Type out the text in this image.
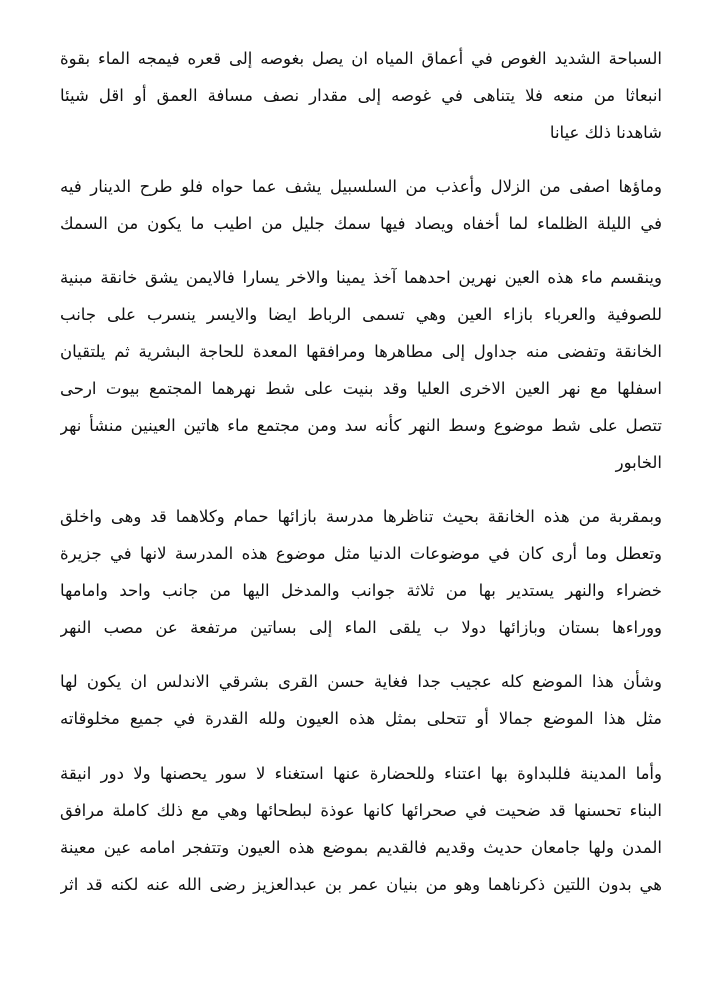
السباحة الشديد الغوص في أعماق المياه ان يصل بغوصه إلى قعره فيمجه الماء بقوة
انبعاثا من منعه فلا يتناهى في غوصه إلى مقدار نصف مسافة العمق أو اقل شيئا
شاهدنا ذلك عيانا
وماؤها اصفى من الزلال وأعذب من السلسبيل يشف عما حواه فلو طرح الدينار فيه
في الليلة الظلماء لما أخفاه ويصاد فيها سمك جليل من اطيب ما يكون من السمك
وينقسم ماء هذه العين نهرين احدهما آخذ يمينا والاخر يسارا فالايمن يشق خانقة مبنية
للصوفية والعرباء بازاء العين وهي تسمى الرباط ايضا والايسر ينسرب على جانب
الخانقة وتفضى منه جداول إلى مطاهرها ومرافقها المعدة للحاجة البشرية ثم يلتقيان
اسفلها مع نهر العين الاخرى العليا وقد بنيت على شط نهرهما المجتمع بيوت ارحى
تتصل على شط موضوع وسط النهر كأنه سد ومن مجتمع ماء هاتين العينين منشأ نهر
الخابور
وبمقربة من هذه الخانقة بحيث تناظرها مدرسة بازائها حمام وكلاهما قد وهى واخلق
وتعطل وما أرى كان في موضوعات الدنيا مثل موضوع هذه المدرسة لانها في جزيرة
خضراء والنهر يستدير بها من ثلاثة جوانب والمدخل اليها من جانب واحد وامامها
ووراءها بستان وبازائها دولا ب يلقى الماء إلى بساتين مرتفعة عن مصب النهر
وشأن هذا الموضع كله عجيب جدا فغاية حسن القرى بشرقي الاندلس ان يكون لها
مثل هذا الموضع جمالا أو تتحلى بمثل هذه العيون ولله القدرة في جميع مخلوقاته
وأما المدينة فللبداوة بها اعتناء وللحضارة عنها استغناء لا سور يحصنها ولا دور انيقة
البناء تحسنها قد ضحيت في صحرائها كانها عوذة لبطحائها وهي مع ذلك كاملة مرافق
المدن ولها جامعان حديث وقديم فالقديم بموضع هذه العيون وتتفجر امامه عين معينة
هي بدون اللتين ذكرناهما وهو من بنيان عمر بن عبدالعزيز رضى الله عنه لكنه قد اثر
